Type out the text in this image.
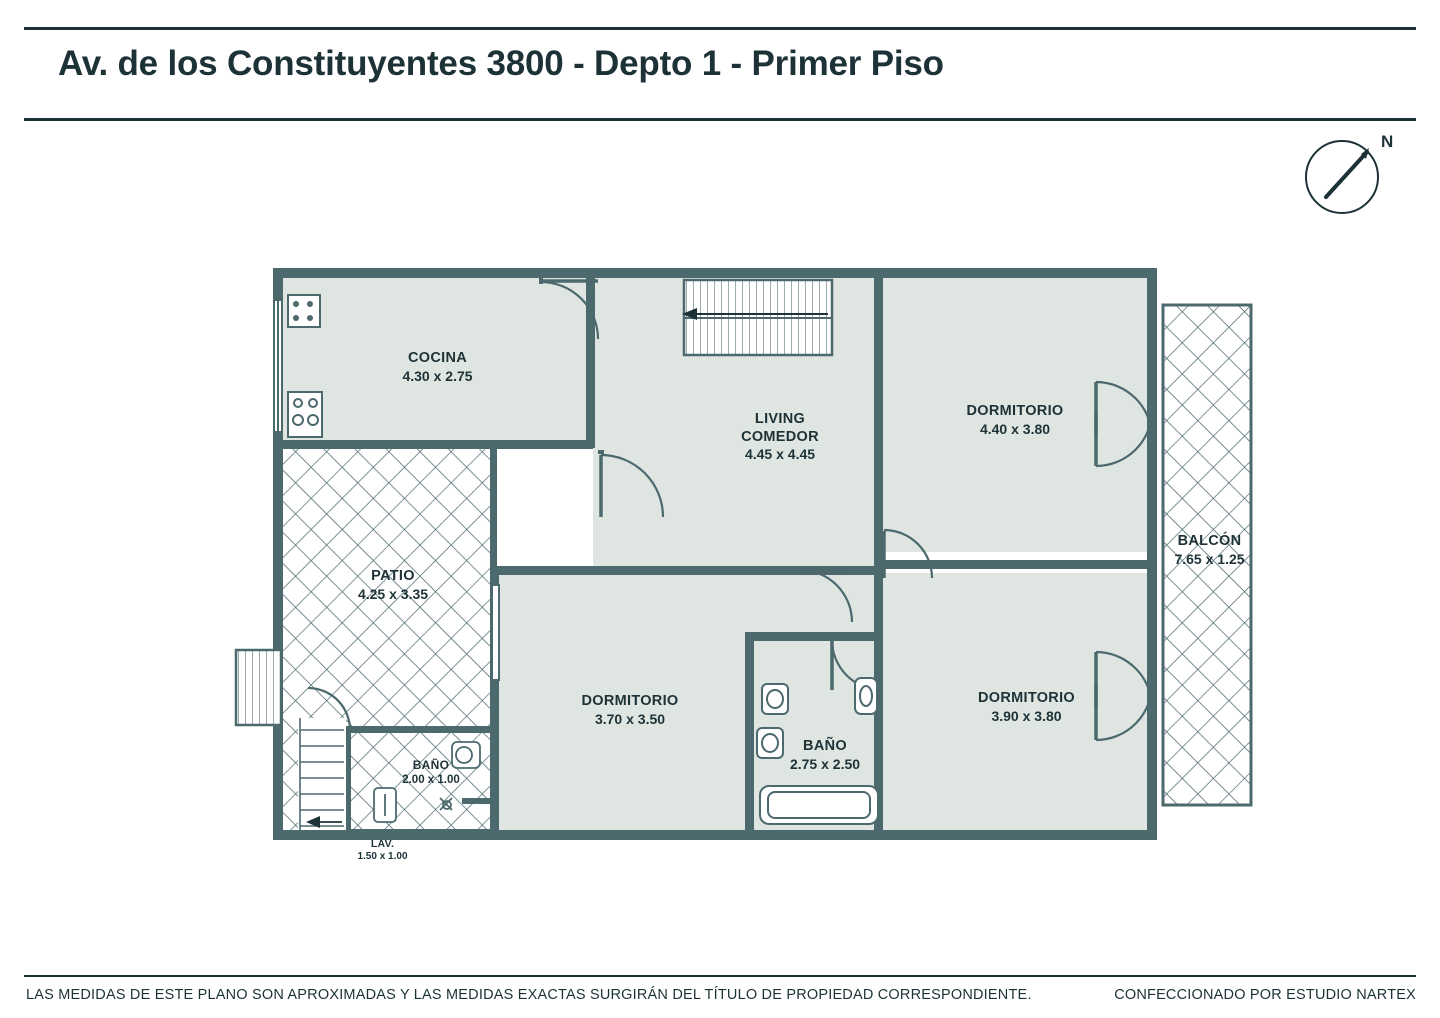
Av. de los Constituyentes 3800 - Depto 1 - Primer Piso
N
COCINA
4.30 x 2.75
LIVING
COMEDOR
4.45 x 4.45
DORMITORIO
4.40 x 3.80
PATIO
4.25 x 3.35
BALCÓN
7.65 x 1.25
DORMITORIO
3.70 x 3.50
DORMITORIO
3.90 x 3.80
BAÑO
2.75 x 2.50
BAÑO
2.00 x 1.00
LAV.
1.50 x 1.00
LAS MEDIDAS DE ESTE PLANO SON APROXIMADAS Y LAS MEDIDAS EXACTAS SURGIRÁN DEL TÍTULO DE PROPIEDAD CORRESPONDIENTE.	CONFECCIONADO POR ESTUDIO NARTEX
